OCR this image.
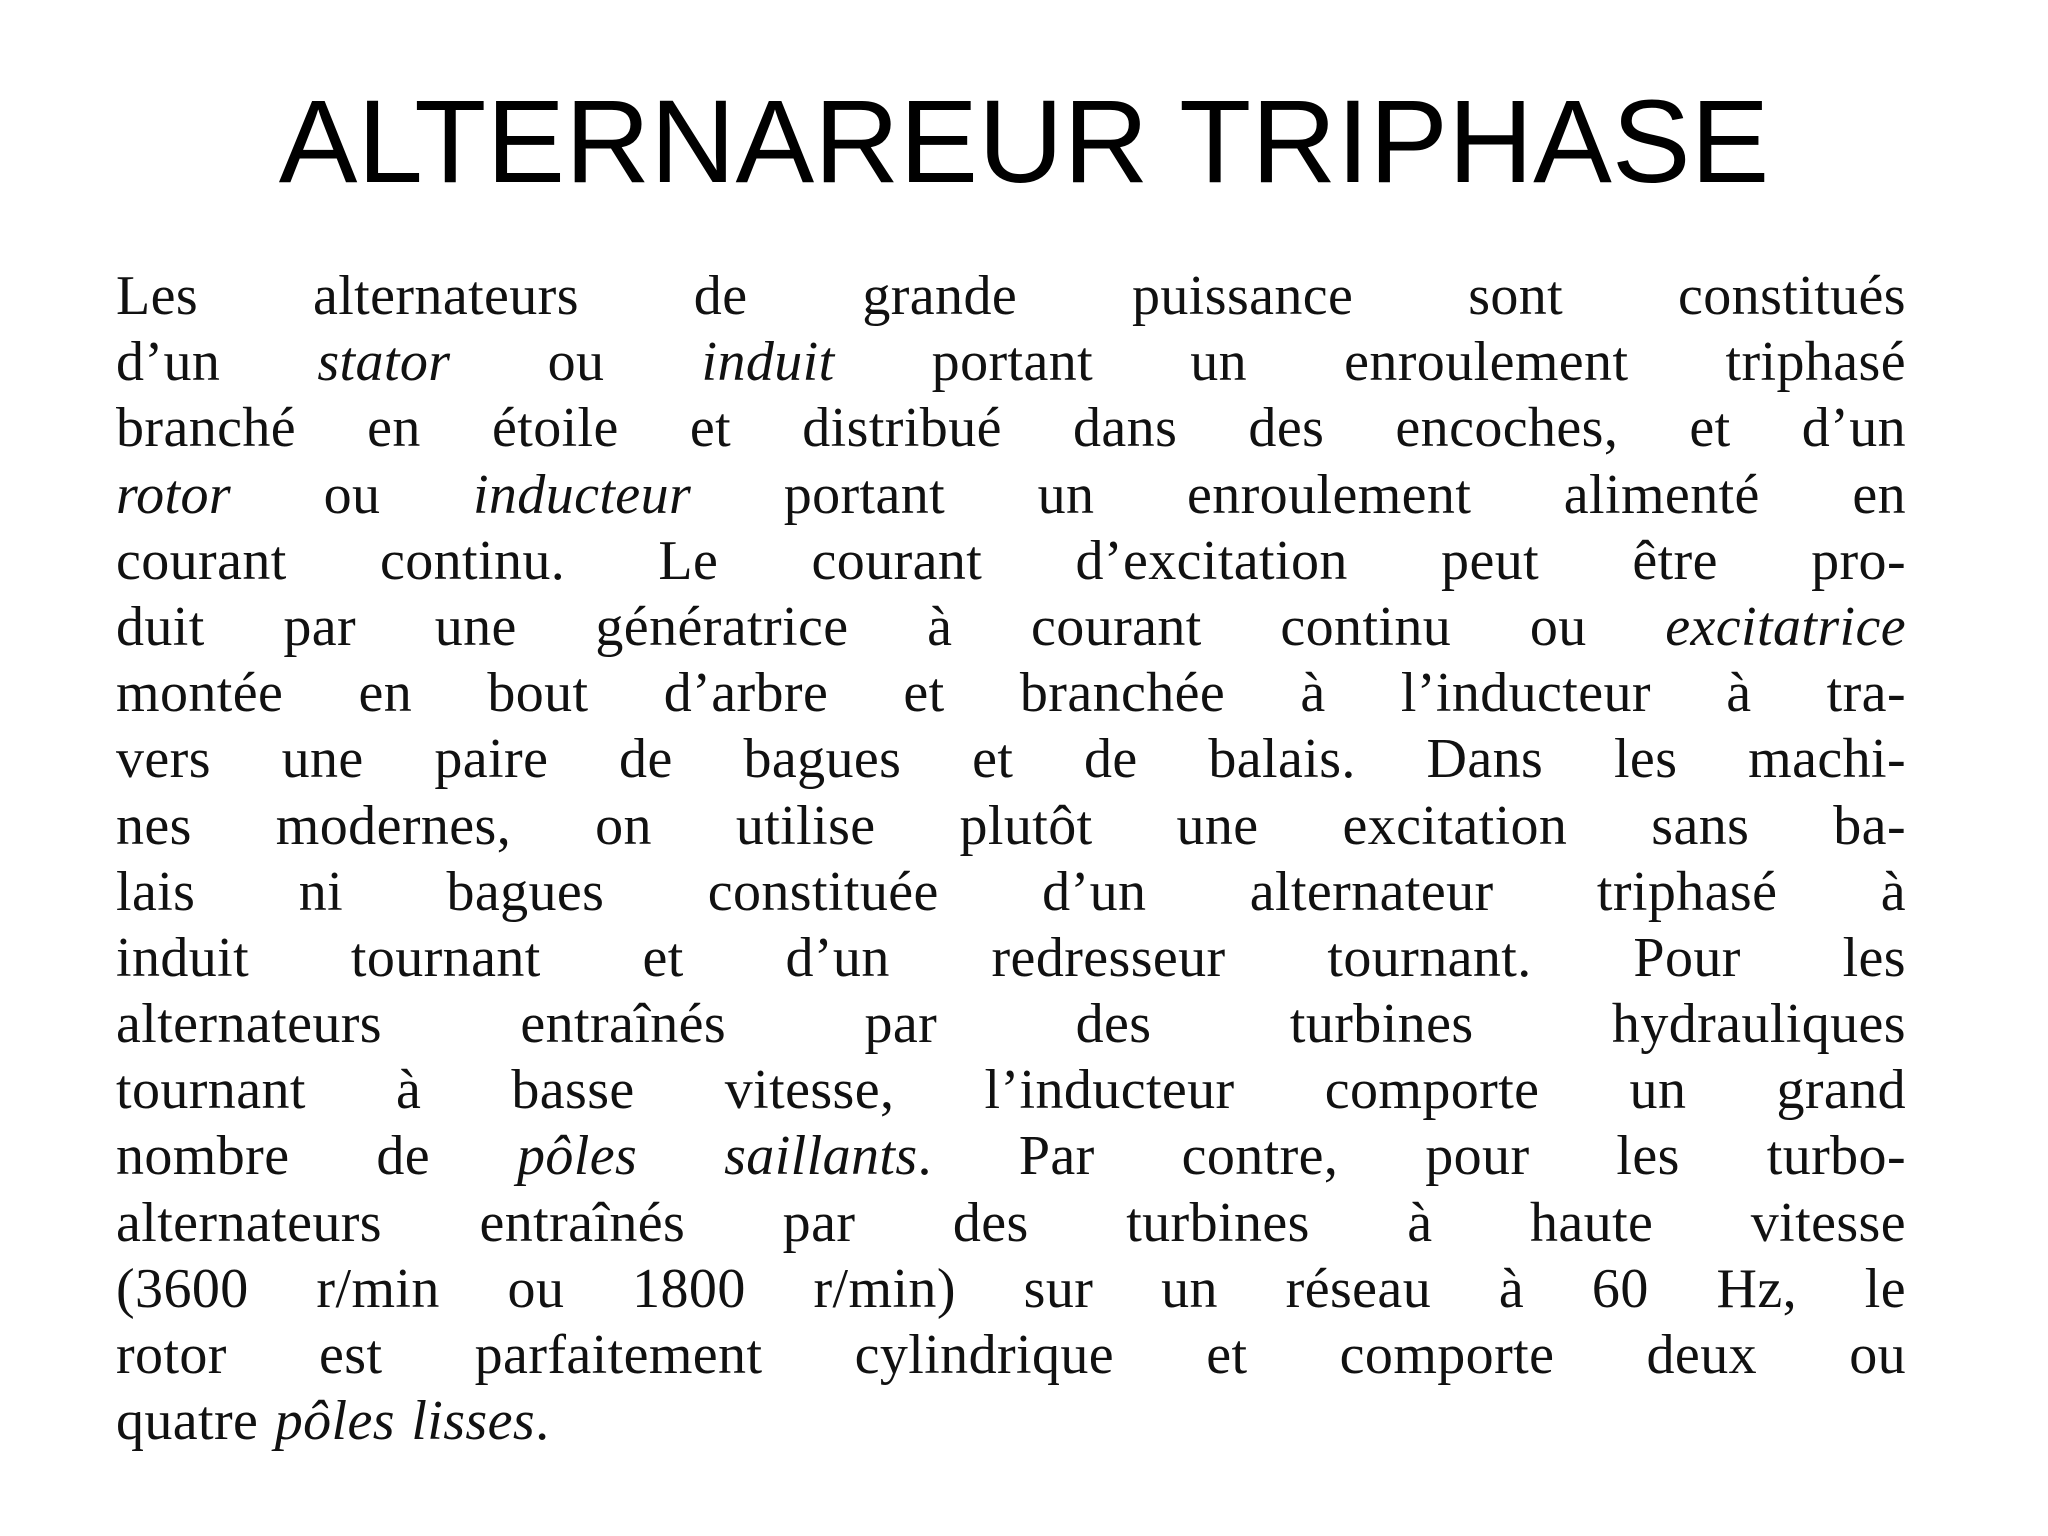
ALTERNAREUR TRIPHASE
Les alternateurs de grande puissance sont constitués
d’un stator ou induit portant un enroulement triphasé
branché en étoile et distribué dans des encoches, et d’un
rotor ou inducteur portant un enroulement alimenté en
courant continu. Le courant d’excitation peut être pro-
duit par une génératrice à courant continu ou excitatrice
montée en bout d’arbre et branchée à l’inducteur à tra-
vers une paire de bagues et de balais. Dans les machi-
nes modernes, on utilise plutôt une excitation sans ba-
lais ni bagues constituée d’un alternateur triphasé à
induit tournant et d’un redresseur tournant. Pour les
alternateurs entraînés par des turbines hydrauliques
tournant à basse vitesse, l’inducteur comporte un grand
nombre de pôles saillants. Par contre, pour les turbo-
alternateurs entraînés par des turbines à haute vitesse
(3600 r/min ou 1800 r/min) sur un réseau à 60 Hz, le
rotor est parfaitement cylindrique et comporte deux ou
quatre pôles lisses.
